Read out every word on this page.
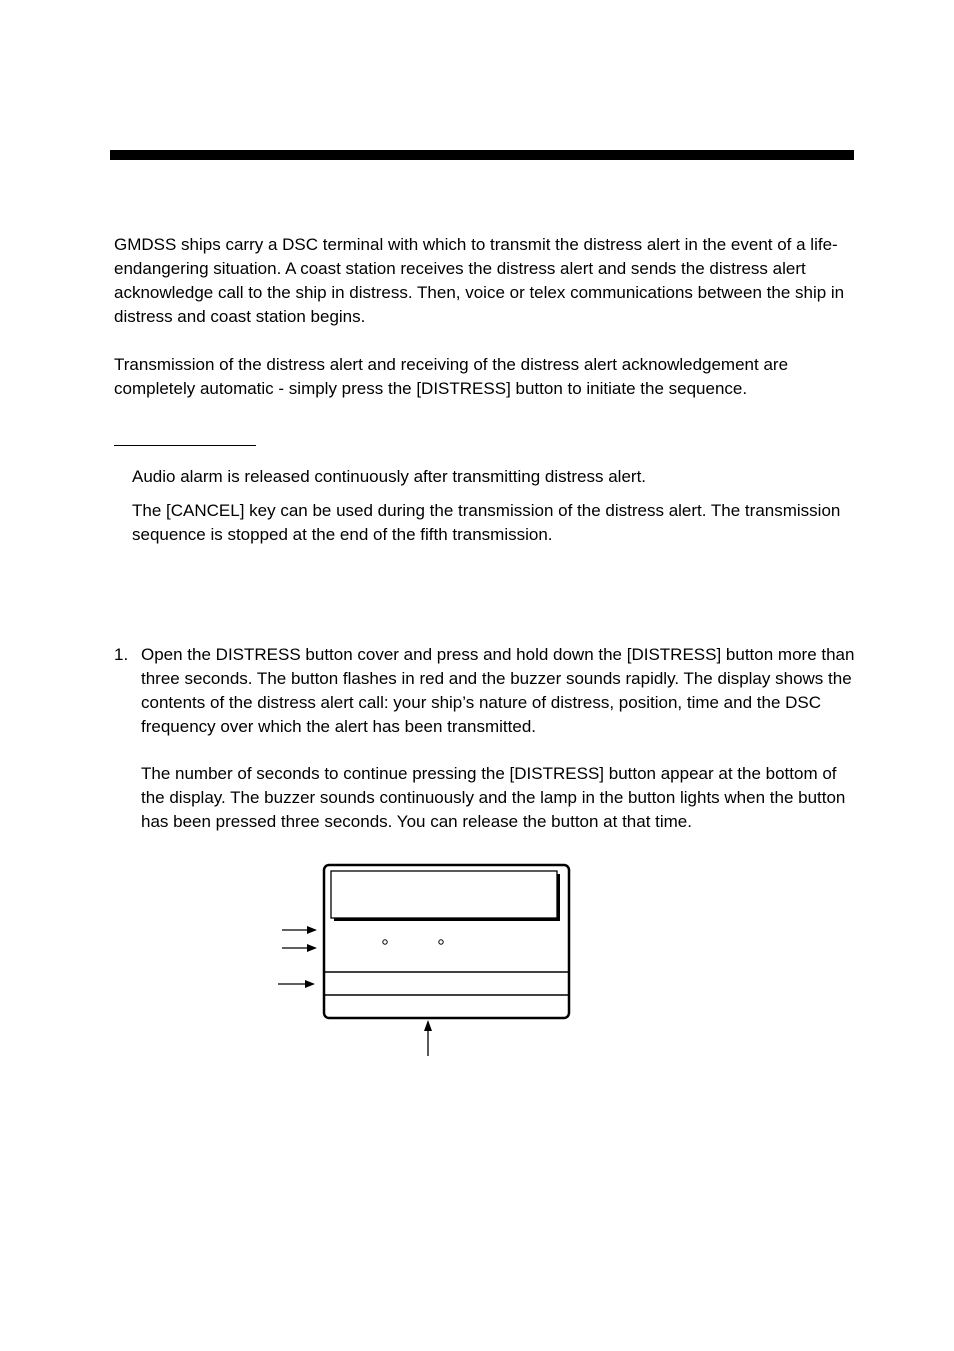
GMDSS ships carry a DSC terminal with which to transmit the distress alert in the event of a life-endangering situation. A coast station receives the distress alert and sends the distress alert acknowledge call to the ship in distress. Then, voice or telex communications between the ship in distress and coast station begins.

Transmission of the distress alert and receiving of the distress alert acknowledgement are completely automatic - simply press the [DISTRESS] button to initiate the sequence.

Audio alarm is released continuously after transmitting distress alert.

The [CANCEL] key can be used during the transmission of the distress alert. The transmission sequence is stopped at the end of the fifth transmission.

1. Open the DISTRESS button cover and press and hold down the [DISTRESS] button more than three seconds. The button flashes in red and the buzzer sounds rapidly. The display shows the contents of the distress alert call: your ship’s nature of distress, position, time and the DSC frequency over which the alert has been transmitted.

The number of seconds to continue pressing the [DISTRESS] button appear at the bottom of the display. The buzzer sounds continuously and the lamp in the button lights when the button has been pressed three seconds. You can release the button at that time.
